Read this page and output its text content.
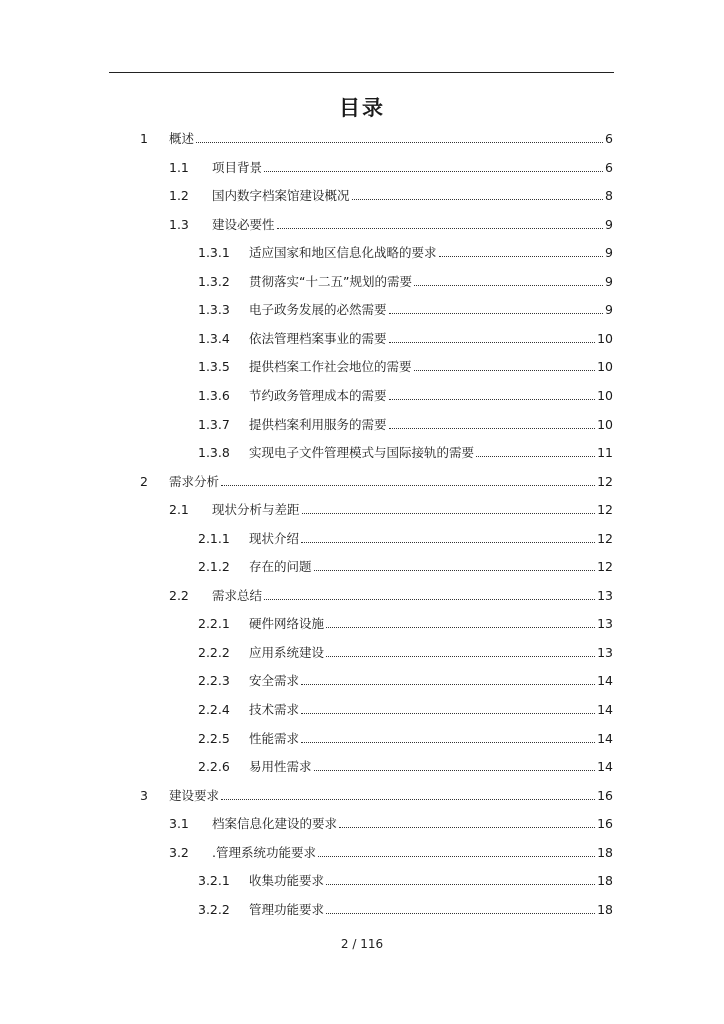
目录
1	概述	6
1.1	项目背景	6
1.2	国内数字档案馆建设概况	8
1.3	建设必要性	9
1.3.1	适应国家和地区信息化战略的要求	9
1.3.2	贯彻落实“十二五”规划的需要	9
1.3.3	电子政务发展的必然需要	9
1.3.4	依法管理档案事业的需要	10
1.3.5	提供档案工作社会地位的需要	10
1.3.6	节约政务管理成本的需要	10
1.3.7	提供档案利用服务的需要	10
1.3.8	实现电子文件管理模式与国际接轨的需要	11
2	需求分析	12
2.1	现状分析与差距	12
2.1.1	现状介绍	12
2.1.2	存在的问题	12
2.2	需求总结	13
2.2.1	硬件网络设施	13
2.2.2	应用系统建设	13
2.2.3	安全需求	14
2.2.4	技术需求	14
2.2.5	性能需求	14
2.2.6	易用性需求	14
3	建设要求	16
3.1	档案信息化建设的要求	16
3.2	.管理系统功能要求	18
3.2.1	收集功能要求	18
3.2.2	管理功能要求	18
2 / 116
